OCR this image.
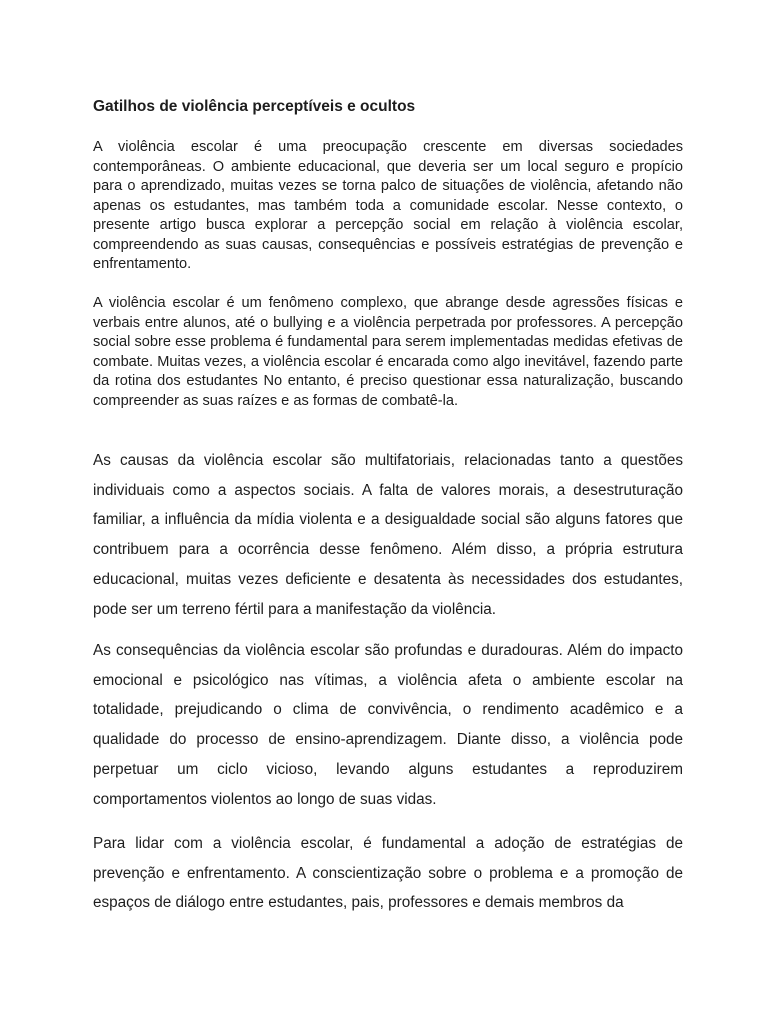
Gatilhos de violência perceptíveis e ocultos

A violência escolar é uma preocupação crescente em diversas sociedades contemporâneas. O ambiente educacional, que deveria ser um local seguro e propício para o aprendizado, muitas vezes se torna palco de situações de violência, afetando não apenas os estudantes, mas também toda a comunidade escolar. Nesse contexto, o presente artigo busca explorar a percepção social em relação à violência escolar, compreendendo as suas causas, consequências e possíveis estratégias de prevenção e enfrentamento.

A violência escolar é um fenômeno complexo, que abrange desde agressões físicas e verbais entre alunos, até o bullying e a violência perpetrada por professores. A percepção social sobre esse problema é fundamental para serem implementadas medidas efetivas de combate. Muitas vezes, a violência escolar é encarada como algo inevitável, fazendo parte da rotina dos estudantes No entanto, é preciso questionar essa naturalização, buscando compreender as suas raízes e as formas de combatê-la.

As causas da violência escolar são multifatoriais, relacionadas tanto a questões individuais como a aspectos sociais. A falta de valores morais, a desestruturação familiar, a influência da mídia violenta e a desigualdade social são alguns fatores que contribuem para a ocorrência desse fenômeno. Além disso, a própria estrutura educacional, muitas vezes deficiente e desatenta às necessidades dos estudantes, pode ser um terreno fértil para a manifestação da violência.

As consequências da violência escolar são profundas e duradouras. Além do impacto emocional e psicológico nas vítimas, a violência afeta o ambiente escolar na totalidade, prejudicando o clima de convivência, o rendimento acadêmico e a qualidade do processo de ensino-aprendizagem. Diante disso, a violência pode perpetuar um ciclo vicioso, levando alguns estudantes a reproduzirem comportamentos violentos ao longo de suas vidas.

Para lidar com a violência escolar, é fundamental a adoção de estratégias de prevenção e enfrentamento. A conscientização sobre o problema e a promoção de espaços de diálogo entre estudantes, pais, professores e demais membros da
